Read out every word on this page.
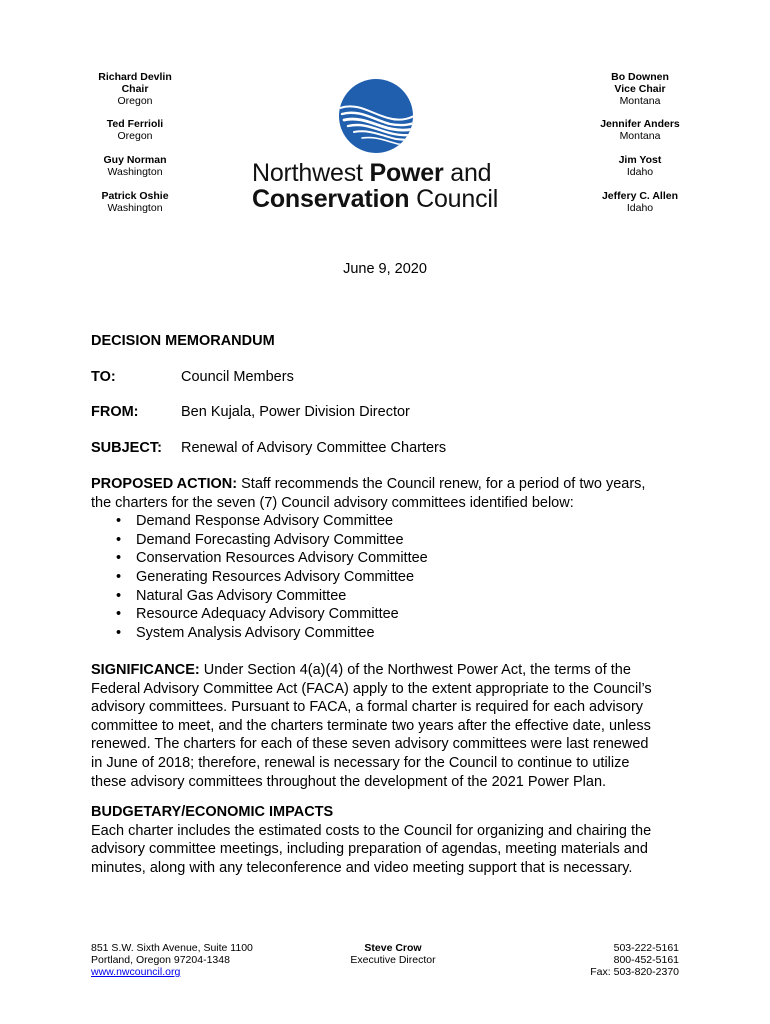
Richard Devlin
Chair
Oregon
Ted Ferrioli
Oregon
Guy Norman
Washington
Patrick Oshie
Washington
Bo Downen
Vice Chair
Montana
Jennifer Anders
Montana
Jim Yost
Idaho
Jeffery C. Allen
Idaho
Northwest Power and
Conservation Council
June 9, 2020
DECISION MEMORANDUM
TO:	Council Members
FROM:	Ben Kujala, Power Division Director
SUBJECT: Renewal of Advisory Committee Charters
PROPOSED ACTION: Staff recommends the Council renew, for a period of two years,
the charters for the seven (7) Council advisory committees identified below:
• Demand Response Advisory Committee
• Demand Forecasting Advisory Committee
• Conservation Resources Advisory Committee
• Generating Resources Advisory Committee
• Natural Gas Advisory Committee
• Resource Adequacy Advisory Committee
• System Analysis Advisory Committee
SIGNIFICANCE: Under Section 4(a)(4) of the Northwest Power Act, the terms of the
Federal Advisory Committee Act (FACA) apply to the extent appropriate to the Council’s
advisory committees. Pursuant to FACA, a formal charter is required for each advisory
committee to meet, and the charters terminate two years after the effective date, unless
renewed. The charters for each of these seven advisory committees were last renewed
in June of 2018; therefore, renewal is necessary for the Council to continue to utilize
these advisory committees throughout the development of the 2021 Power Plan.
BUDGETARY/ECONOMIC IMPACTS
Each charter includes the estimated costs to the Council for organizing and chairing the
advisory committee meetings, including preparation of agendas, meeting materials and
minutes, along with any teleconference and video meeting support that is necessary.
851 S.W. Sixth Avenue, Suite 1100
Portland, Oregon 97204-1348
www.nwcouncil.org
Steve Crow
Executive Director
503-222-5161
800-452-5161
Fax: 503-820-2370
